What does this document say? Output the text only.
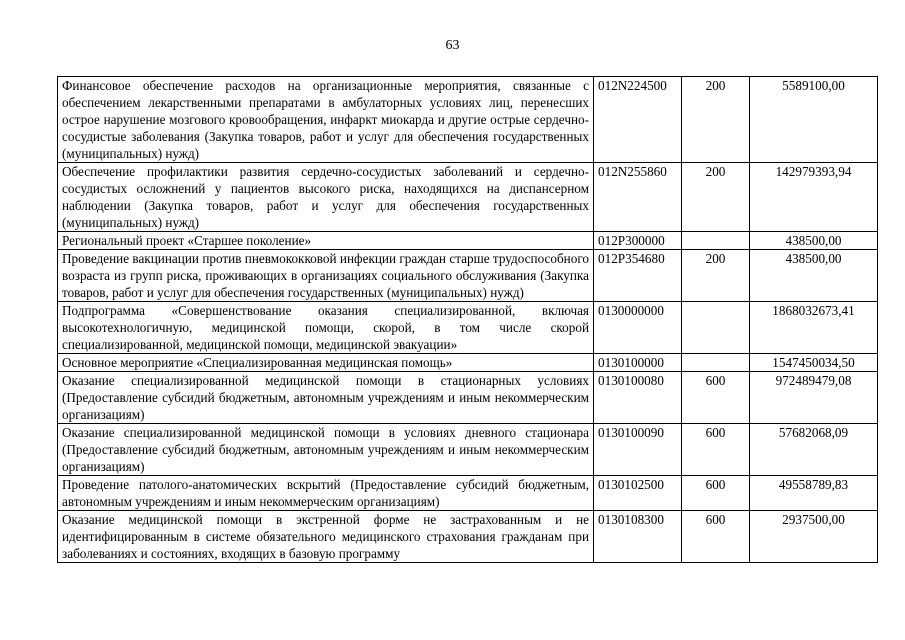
63
Финансовое обеспечение расходов на организационные мероприятия, связанные с обеспечением лекарственными препаратами в амбулаторных условиях лиц, перенесших острое нарушение мозгового кровообращения, инфаркт миокарда и другие острые сердечно-сосудистые заболевания (Закупка товаров, работ и услуг для обеспечения государственных (муниципальных) нужд)	012N224500	200	5589100,00
Обеспечение профилактики развития сердечно-сосудистых заболеваний и сердечно-сосудистых осложнений у пациентов высокого риска, находящихся на диспансерном наблюдении (Закупка товаров, работ и услуг для обеспечения государственных (муниципальных) нужд)	012N255860	200	142979393,94
Региональный проект «Старшее поколение»	012P300000		438500,00
Проведение вакцинации против пневмококковой инфекции граждан старше трудоспособного возраста из групп риска, проживающих в организациях социального обслуживания (Закупка товаров, работ и услуг для обеспечения государственных (муниципальных) нужд)	012P354680	200	438500,00
Подпрограмма «Совершенствование оказания специализированной, включая высокотехнологичную, медицинской помощи, скорой, в том числе скорой специализированной, медицинской помощи, медицинской эвакуации»	0130000000		1868032673,41
Основное мероприятие «Специализированная медицинская помощь»	0130100000		1547450034,50
Оказание специализированной медицинской помощи в стационарных условиях (Предоставление субсидий бюджетным, автономным учреждениям и иным некоммерческим организациям)	0130100080	600	972489479,08
Оказание специализированной медицинской помощи в условиях дневного стационара (Предоставление субсидий бюджетным, автономным учреждениям и иным некоммерческим организациям)	0130100090	600	57682068,09
Проведение патолого-анатомических вскрытий (Предоставление субсидий бюджетным, автономным учреждениям и иным некоммерческим организациям)	0130102500	600	49558789,83

Оказание медицинской помощи в экстренной форме не застрахованным и не идентифицированным в системе обязательного медицинского страхования гражданам при заболеваниях и состояниях, входящих в базовую программу	0130108300	600	2937500,00
